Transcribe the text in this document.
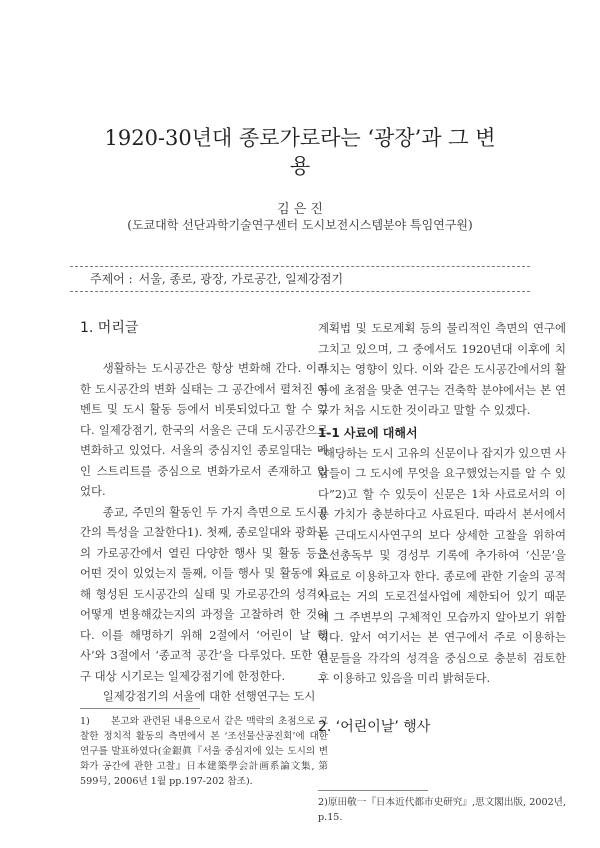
1920-30년대 종로가로라는 ‘광장’과 그 변용
김 은 진
(도쿄대학 선단과학기술연구센터 도시보전시스템분야 특임연구원)
주제어 : 서울, 종로, 광장, 가로공간, 일제강점기
1. 머리글

생활하는 도시공간은 항상 변화해 간다. 이러한 도시공간의 변화 실태는 그 공간에서 펼쳐진 이벤트 및 도시 활동 등에서 비롯되었다고 할 수 있다. 일제강점기, 한국의 서울은 근대 도시공간으로 변화하고 있었다. 서울의 중심지인 종로일대는 메인 스트리트를 중심으로 변화가로서 존재하고 있었다.

종교, 주민의 활동인 두 가지 측면으로 도시공간의 특성을 고찰한다1). 첫째, 종로일대와 광화문의 가로공간에서 열린 다양한 행사 및 활동 등은 어떤 것이 있었는지 둘째, 이들 행사 및 활동에 의해 형성된 도시공간의 실태 및 가로공간의 성격이 어떻게 변용해갔는지의 과정을 고찰하려 한 것이다. 이를 해명하기 위해 2절에서 ‘어린이 날 행사’와 3절에서 ‘종교적 공간’을 다루었다. 또한 연구 대상 시기로는 일제강점기에 한정한다.

일제강점기의 서울에 대한 선행연구는 도시

계획법 및 도로계획 등의 물리적인 측면의 연구에 그치고 있으며, 그 중에서도 1920년대 이후에 치우치는 영향이 있다. 이와 같은 도시공간에서의 활동에 초점을 맞춘 연구는 건축학 분야에서는 본 연구가 처음 시도한 것이라고 말할 수 있겠다.

1-1 사료에 대해서

“해당하는 도시 고유의 신문이나 잡지가 있으면 사람들이 그 도시에 무엇을 요구했었는지를 알 수 있다”2)고 할 수 있듯이 신문은 1차 사료로서의 이용 가치가 충분하다고 사료된다. 따라서 본서에서는 근대도시사연구의 보다 상세한 고찰을 위하여 조선총독부 및 경성부 기록에 추가하여 ‘신문’을 사료로 이용하고자 한다. 종로에 관한 기술의 공적 사료는 거의 도로건설사업에 제한되어 있기 때문에 그 주변부의 구체적인 모습까지 알아보기 위함이다. 앞서 여기서는 본 연구에서 주로 이용하는 신문들을 각각의 성격을 중심으로 충분히 검토한 후 이용하고 있음을 미리 밝혀둔다.

2. ‘어린이날’ 행사
1)　　본고와 관련된 내용으로서 같은 맥락의 초점으로 고찰한 정치적 활동의 측면에서 본 ‘조선물산공진회’에 대한 연구를 발표하였다(金銀眞『서울 중심지에 있는 도시의 변화가 공간에 관한 고찰』日本建築學会計画系論文集, 第599号, 2006년 1월 pp.197-202 참조).
2)原田敬一『日本近代都市史研究』,思文閣出版, 2002년, p.15.
